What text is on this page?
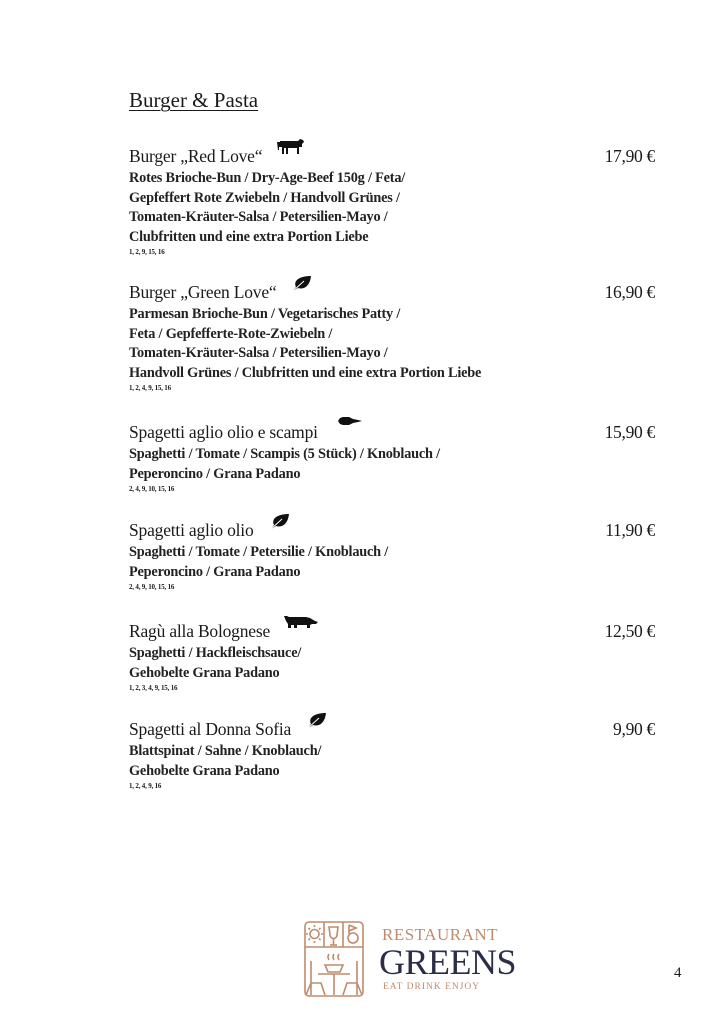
Burger & Pasta
Burger „Red Love“	17,90 €
Rotes Brioche-Bun / Dry-Age-Beef 150g / Feta/
Gepfeffert Rote Zwiebeln / Handvoll Grünes /
Tomaten-Kräuter-Salsa / Petersilien-Mayo /
Clubfritten und eine extra Portion Liebe
1, 2, 9, 15, 16
Burger „Green Love“	16,90 €
Parmesan Brioche-Bun / Vegetarisches Patty /
Feta / Gepfefferte-Rote-Zwiebeln /
Tomaten-Kräuter-Salsa / Petersilien-Mayo /
Handvoll Grünes / Clubfritten und eine extra Portion Liebe
1, 2, 4, 9, 15, 16
Spagetti aglio olio e scampi	15,90 €
Spaghetti / Tomate / Scampis (5 Stück) / Knoblauch /
Peperoncino / Grana Padano
2, 4, 9, 10, 15, 16
Spagetti aglio olio	11,90 €
Spaghetti / Tomate / Petersilie / Knoblauch /
Peperoncino / Grana Padano
2, 4, 9, 10, 15, 16
Ragù alla Bolognese	12,50 €
Spaghetti / Hackfleischsauce/
Gehobelte Grana Padano
1, 2, 3, 4, 9, 15, 16
Spagetti al Donna Sofia	9,90 €
Blattspinat / Sahne / Knoblauch/
Gehobelte Grana Padano
1, 2, 4, 9, 16
RESTAURANT
GREENS
EAT DRINK ENJOY
4
